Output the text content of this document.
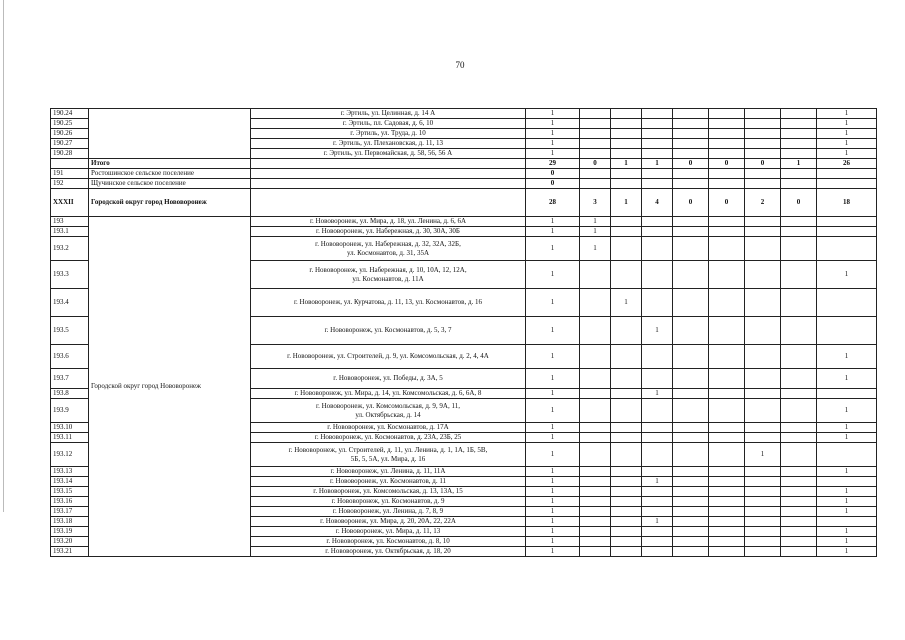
70
190.24		г. Эртиль, ул. Целинная, д. 14 А	1								1
190.25		г. Эртиль, пл. Садовая, д. 6, 10	1								1
190.26		г. Эртиль, ул. Труда, д. 10	1								1
190.27		г. Эртиль, ул. Плехановская, д. 11, 13	1								1
190.28		г. Эртиль, ул. Первомайская, д. 58, 56, 56 А	1								1
	Итого		29	0	1	1	0	0	0	1	26
191	Ростошинское сельское поселение		0								
192	Щучинское сельское поселение		0								
XXXII	Городской округ город Нововоронеж		28	3	1	4	0	0	2	0	18
193	Городской округ город Нововоронеж	г. Нововоронеж, ул. Мира, д. 18, ул. Ленина, д. 6, 6А	1	1							
193.1		г. Нововоронеж, ул. Набережная, д. 30, 30А, 30Б	1	1							
193.2		г. Нововоронеж, ул. Набережная, д. 32, 32А, 32Б,
ул. Космонавтов, д. 31, 35А	1	1							
193.3		г. Нововоронеж, ул. Набережная, д. 10, 10А, 12, 12А,
ул. Космонавтов, д. 11А	1								1
193.4		г. Нововоронеж, ул. Курчатова, д. 11, 13, ул. Космонавтов, д. 16	1		1						
193.5		г. Нововоронеж, ул. Космонавтов, д. 5, 3, 7	1			1					
193.6		г. Нововоронеж, ул. Строителей, д. 9, ул. Комсомольская, д. 2, 4, 4А	1								1
193.7		г. Нововоронеж, ул. Победы, д. 3А, 5	1								1
193.8		г. Нововоронеж, ул. Мира, д. 14, ул. Комсомольская, д. 6, 6А, 8	1			1					
193.9		г. Нововоронеж, ул. Комсомольская, д. 9, 9А, 11,
ул. Октябрьская, д. 14	1								1
193.10		г. Нововоронеж, ул. Космонавтов, д. 17А	1								1
193.11		г. Нововоронеж, ул. Космонавтов, д. 23А, 23Б, 25	1								1
193.12		г. Нововоронеж, ул. Строителей, д. 11, ул. Ленина, д. 1, 1А, 1Б, 5В,
5Б, 5, 5А, ул. Мира, д. 16	1						1		
193.13		г. Нововоронеж, ул. Ленина, д. 11, 11А	1								1
193.14		г. Нововоронеж, ул. Космонавтов, д. 11	1			1					
193.15		г. Нововоронеж, ул. Комсомольская, д. 13, 13А, 15	1								1
193.16		г. Нововоронеж, ул. Космонавтов, д. 9	1								1
193.17		г. Нововоронеж, ул. Ленина, д. 7, 8, 9	1								1
193.18		г. Нововоронеж, ул. Мира, д. 20, 20А, 22, 22А	1			1					
193.19		г. Нововоронеж, ул. Мира, д. 11, 13	1								1
193.20		г. Нововоронеж, ул. Космонавтов, д. 8, 10	1								1
193.21		г. Нововоронеж, ул. Октябрьская, д. 18, 20	1								1
